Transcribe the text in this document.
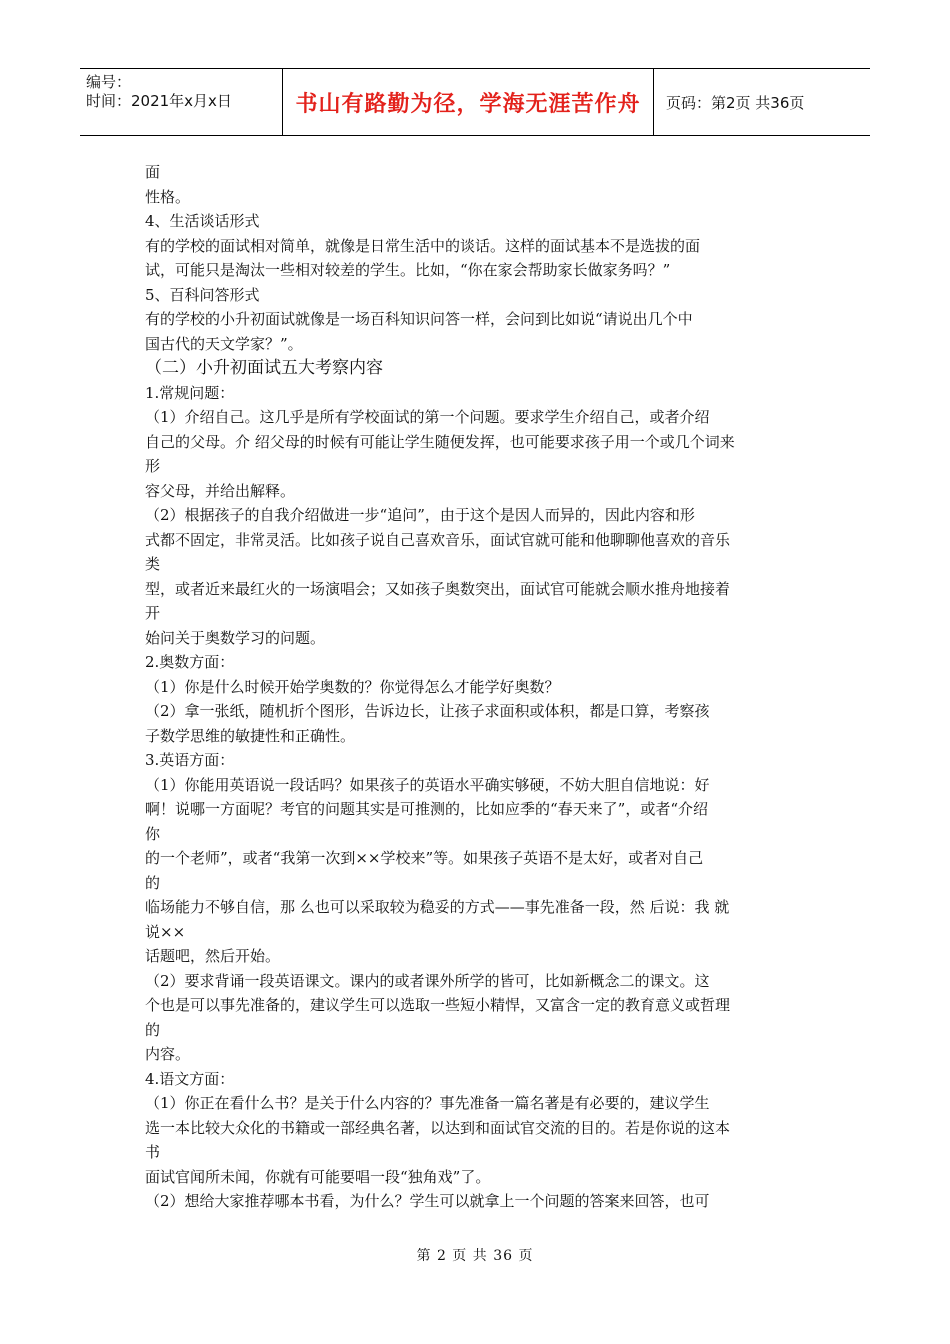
编号：
时间：2021年x月x日	书山有路勤为径，学海无涯苦作舟 页码：第2页 共36页
面
性格。
4、生活谈话形式
有的学校的面试相对简单，就像是日常生活中的谈话。这样的面试基本不是选拔的面
试，可能只是淘汰一些相对较差的学生。比如，“你在家会帮助家长做家务吗？”
5、百科问答形式
有的学校的小升初面试就像是一场百科知识问答一样，会问到比如说“请说出几个中
国古代的天文学家？”。
（二）小升初面试五大考察内容
1.常规问题：
（1）介绍自己。这几乎是所有学校面试的第一个问题。要求学生介绍自己，或者介绍
自己的父母。介 绍父母的时候有可能让学生随便发挥，也可能要求孩子用一个或几个词来
形
容父母，并给出解释。
（2）根据孩子的自我介绍做进一步“追问”，由于这个是因人而异的，因此内容和形
式都不固定，非常灵活。比如孩子说自己喜欢音乐，面试官就可能和他聊聊他喜欢的音乐
类
型，或者近来最红火的一场演唱会；又如孩子奥数突出，面试官可能就会顺水推舟地接着
开
始问关于奥数学习的问题。
2.奥数方面：
（1）你是什么时候开始学奥数的？你觉得怎么才能学好奥数？
（2）拿一张纸，随机折个图形，告诉边长，让孩子求面积或体积，都是口算，考察孩
子数学思维的敏捷性和正确性。
3.英语方面：
（1）你能用英语说一段话吗？如果孩子的英语水平确实够硬，不妨大胆自信地说：好
啊！说哪一方面呢？考官的问题其实是可推测的，比如应季的“春天来了”，或者“介绍
你
的一个老师”，或者“我第一次到××学校来”等。如果孩子英语不是太好，或者对自己
的
临场能力不够自信，那 么也可以采取较为稳妥的方式——事先准备一段，然 后说：我 就
说××
话题吧，然后开始。
（2）要求背诵一段英语课文。课内的或者课外所学的皆可，比如新概念二的课文。这
个也是可以事先准备的，建议学生可以选取一些短小精悍，又富含一定的教育意义或哲理
的
内容。
4.语文方面：
（1）你正在看什么书？是关于什么内容的？事先准备一篇名著是有必要的，建议学生
选一本比较大众化的书籍或一部经典名著，以达到和面试官交流的目的。若是你说的这本
书
面试官闻所未闻，你就有可能要唱一段“独角戏”了。
（2）想给大家推荐哪本书看，为什么？学生可以就拿上一个问题的答案来回答，也可
第 2 页 共 36 页
